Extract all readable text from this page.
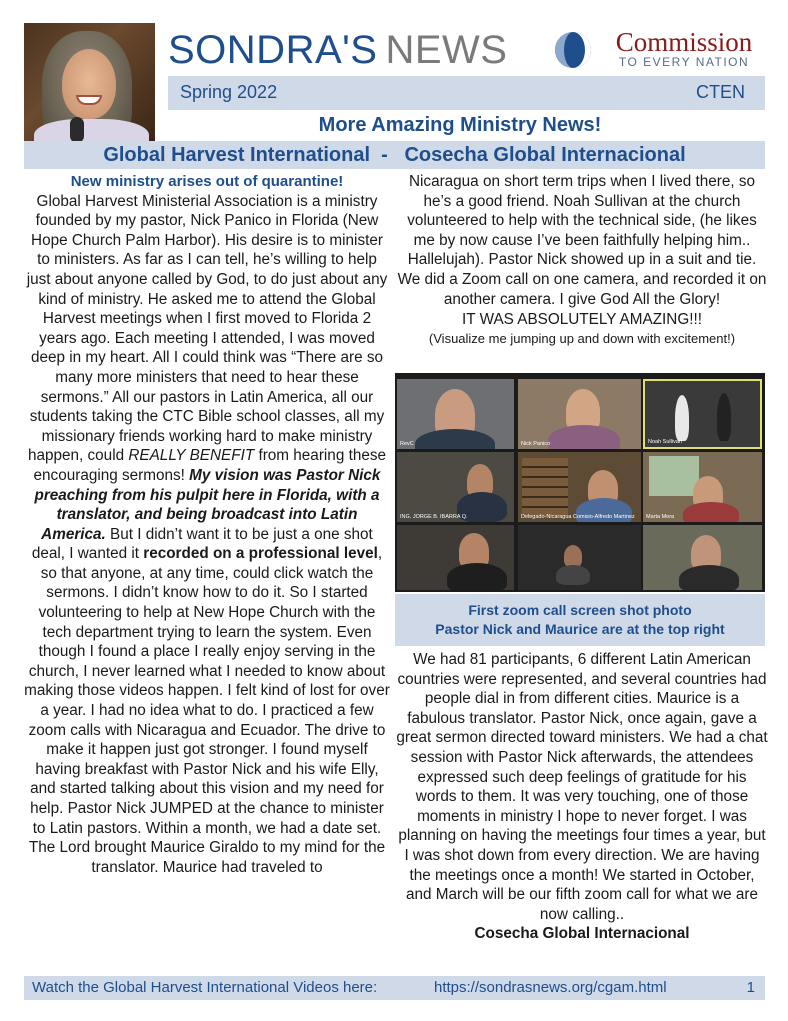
SONDRA'S NEWS	Commission
TO EVERY NATION
Spring 2022	CTEN
More Amazing Ministry News!
Global Harvest International  -   Cosecha Global Internacional
New ministry arises out of quarantine!
Global Harvest Ministerial Association is a ministry founded by my pastor, Nick Panico in Florida (New Hope Church Palm Harbor). His desire is to minister to ministers. As far as I can tell, he’s willing to help just about anyone called by God, to do just about any kind of ministry. He asked me to attend the Global Harvest meetings when I first moved to Florida 2 years ago. Each meeting I attended, I was moved deep in my heart. All I could think was “There are so many more ministers that need to hear these sermons.” All our pastors in Latin America, all our students taking the CTC Bible school classes, all my missionary friends working hard to make ministry happen, could REALLY BENEFIT from hearing these encouraging sermons! My vision was Pastor Nick preaching from his pulpit here in Florida, with a translator, and being broadcast into Latin America. But I didn’t want it to be just a one shot deal, I wanted it recorded on a professional level, so that anyone, at any time, could click watch the sermons. I didn’t know how to do it. So I started volunteering to help at New Hope Church with the tech department trying to learn the system. Even though I found a place I really enjoy serving in the church, I never learned what I needed to know about making those videos happen. I felt kind of lost for over a year. I had no idea what to do. I practiced a few zoom calls with Nicaragua and Ecuador. The drive to make it happen just got stronger. I found myself having breakfast with Pastor Nick and his wife Elly, and started talking about this vision and my need for help. Pastor Nick JUMPED at the chance to minister to Latin pastors. Within a month, we had a date set. The Lord brought Maurice Giraldo to my mind for the translator. Maurice had traveled to
Nicaragua on short term trips when I lived there, so he’s a good friend. Noah Sullivan at the church volunteered to help with the technical side, (he likes me by now cause I’ve been faithfully helping him.. Hallelujah). Pastor Nick showed up in a suit and tie. We did a Zoom call on one camera, and recorded it on another camera. I give God All the Glory!
IT WAS ABSOLUTELY AMAZING!!!
(Visualize me jumping up and down with excitement!)
RevC	Nick Panico	Noah Sullivan
ING. JORGE B. IBARRA Q.	Delegado-Nicaragua Comisio-Alfredo Martinez Marta Mora
First zoom call screen shot photo
Pastor Nick and Maurice are at the top right
We had 81 participants, 6 different Latin American countries were represented, and several countries had people dial in from different cities. Maurice is a fabulous translator. Pastor Nick, once again, gave a great sermon directed toward ministers. We had a chat session with Pastor Nick afterwards, the attendees expressed such deep feelings of gratitude for his words to them. It was very touching, one of those moments in ministry I hope to never forget. I was planning on having the meetings four times a year, but I was shot down from every direction. We are having the meetings once a month! We started in October, and March will be our fifth zoom call for what we are now calling..
Cosecha Global Internacional
Watch the Global Harvest International Videos here:	https://sondrasnews.org/cgam.html	1
